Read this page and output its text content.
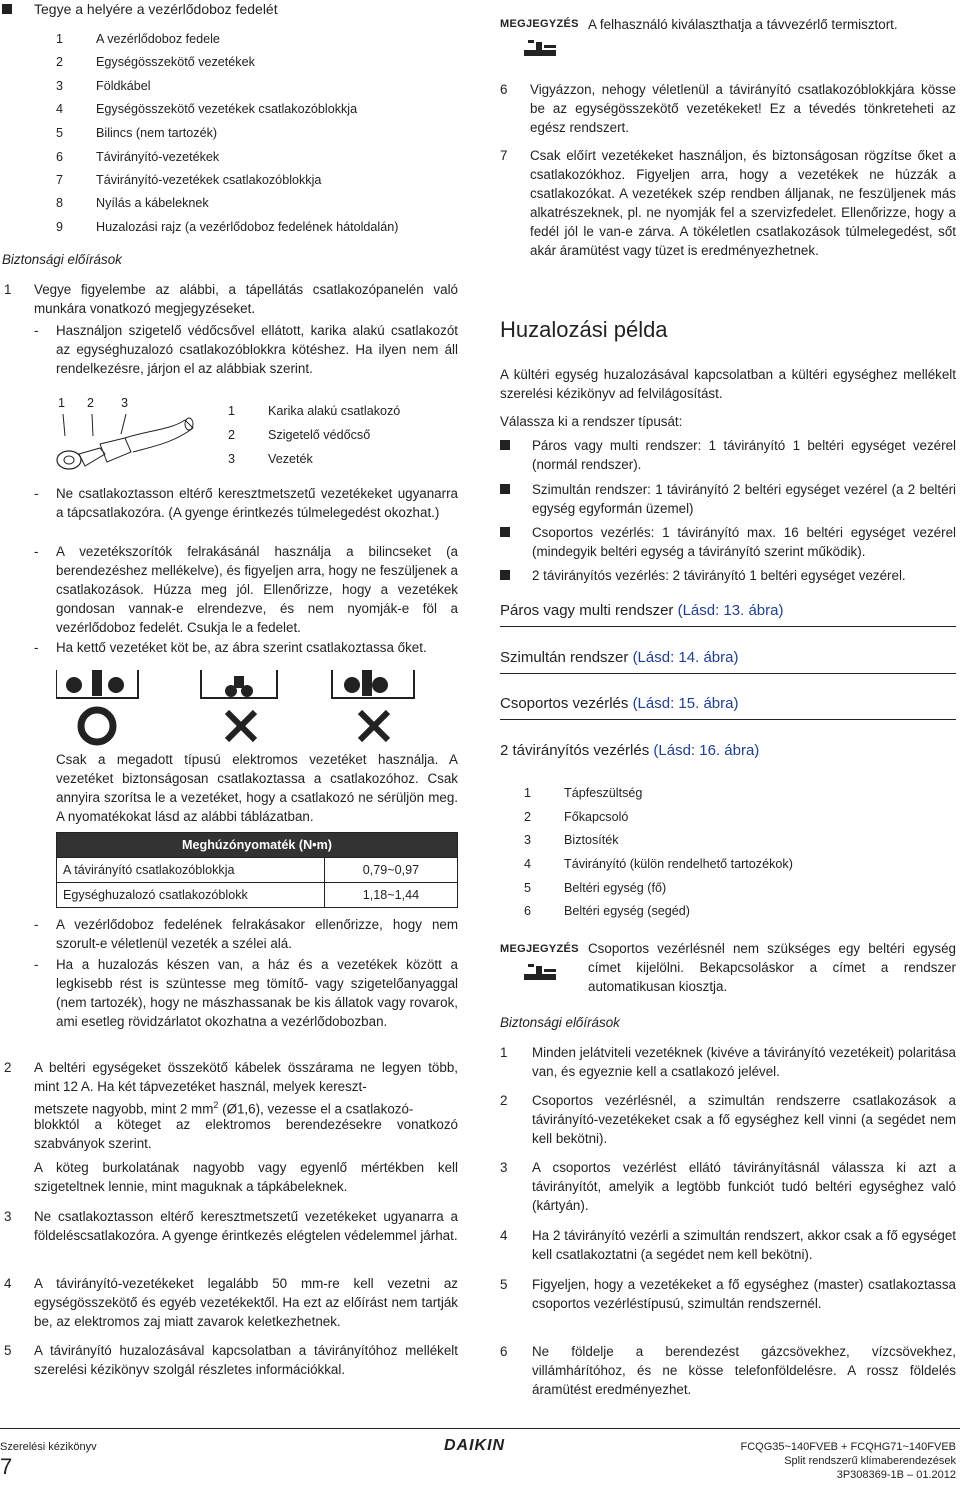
Tegye a helyére a vezérlődoboz fedelét
1	A vezérlődoboz fedele
2	Egységösszekötő vezetékek
3	Földkábel
4	Egységösszekötő vezetékek csatlakozóblokkja
5	Bilincs (nem tartozék)
6	Távirányító-vezetékek
7	Távirányító-vezetékek csatlakozóblokkja
8	Nyílás a kábeleknek
9	Huzalozási rajz (a vezérlődoboz fedelének hátoldalán)
Biztonsági előírások
1 Vegye figyelembe az alábbi, a tápellátás csatlakozópanelén való munkára vonatkozó megjegyzéseket.
- Használjon szigetelő védőcsővel ellátott, karika alakú csatlakozót az egységhuzalozó csatlakozóblokkra kötéshez. Ha ilyen nem áll rendelkezésre, járjon el az alábbiak szerint.
1 2 3
1	Karika alakú csatlakozó
2	Szigetelő védőcső
3	Vezeték
- Ne csatlakoztasson eltérő keresztmetszetű vezetékeket ugyanarra a tápcsatlakozóra. (A gyenge érintkezés túlmelegedést okozhat.)
- A vezetékszorítók felrakásánál használja a bilincseket (a berendezéshez mellékelve), és figyeljen arra, hogy ne feszüljenek a csatlakozások. Húzza meg jól. Ellenőrizze, hogy a vezetékek gondosan vannak-e elrendezve, és nem nyomják-e föl a vezérlődoboz fedelét. Csukja le a fedelet.
- Ha kettő vezetéket köt be, az ábra szerint csatlakoztassa őket.
Csak a megadott típusú elektromos vezetéket használja. A vezetéket biztonságosan csatlakoztassa a csatlakozóhoz. Csak annyira szorítsa le a vezetéket, hogy a csatlakozó ne sérüljön meg. A nyomatékokat lásd az alábbi táblázatban.
Meghúzónyomaték (N•m)	
A távirányító csatlakozóblokkja	0,79~0,97
Egységhuzalozó csatlakozóblokk	1,18~1,44
- A vezérlődoboz fedelének felrakásakor ellenőrizze, hogy nem szorult-e véletlenül vezeték a szélei alá.
- Ha a huzalozás készen van, a ház és a vezetékek között a legkisebb rést is szüntesse meg tömítő- vagy szigetelőanyaggal (nem tartozék), hogy ne mászhassanak be kis állatok vagy rovarok, ami esetleg rövidzárlatot okozhatna a vezérlődobozban.
2 A beltéri egységeket összekötő kábelek összárama ne legyen több, mint 12 A. Ha két tápvezetéket használ, melyek kereszt-
metszete nagyobb, mint 2 $mm^2$ (Ø1,6), vezesse el a csatlakozó-
blokktól a köteget az elektromos berendezésekre vonatkozó szabványok szerint.
A köteg burkolatának nagyobb vagy egyenlő mértékben kell szigeteltnek lennie, mint maguknak a tápkábeleknek.
3 Ne csatlakoztasson eltérő keresztmetszetű vezetékeket ugyanarra a földeléscsatlakozóra. A gyenge érintkezés elégtelen védelemmel járhat.
4 A távirányító-vezetékeket legalább 50 mm-re kell vezetni az egységösszekötő és egyéb vezetékektől. Ha ezt az előírást nem tartják be, az elektromos zaj miatt zavarok keletkezhetnek.
5 A távirányító huzalozásával kapcsolatban a távirányítóhoz mellékelt szerelési kézikönyv szolgál részletes információkkal.
MEGJEGYZÉS A felhasználó kiválaszthatja a távvezérlő termisztort.
6 Vigyázzon, nehogy véletlenül a távirányító csatlakozóblokkjára kösse be az egységösszekötő vezetékeket! Ez a tévedés tönkreteheti az egész rendszert.
7 Csak előírt vezetékeket használjon, és biztonságosan rögzítse őket a csatlakozókhoz. Figyeljen arra, hogy a vezetékek ne húzzák a csatlakozókat. A vezetékek szép rendben álljanak, ne feszüljenek más alkatrészeknek, pl. ne nyomják fel a szervizfedelet. Ellenőrizze, hogy a fedél jól le van-e zárva. A tökéletlen csatlakozások túlmelegedést, sőt akár áramütést vagy tüzet is eredményezhetnek.
Huzalozási példa
A kültéri egység huzalozásával kapcsolatban a kültéri egységhez mellékelt szerelési kézikönyv ad felvilágosítást.
Válassza ki a rendszer típusát:
Páros vagy multi rendszer: 1 távirányító 1 beltéri egységet vezérel (normál rendszer).
Szimultán rendszer: 1 távirányító 2 beltéri egységet vezérel (a 2 beltéri egység egyformán üzemel)
Csoportos vezérlés: 1 távirányító max. 16 beltéri egységet vezérel (mindegyik beltéri egység a távirányító szerint működik).
2 távirányítós vezérlés: 2 távirányító 1 beltéri egységet vezérel.
Páros vagy multi rendszer (Lásd: 13. ábra)
Szimultán rendszer (Lásd: 14. ábra)
Csoportos vezérlés (Lásd: 15. ábra)
2 távirányítós vezérlés (Lásd: 16. ábra)
1	Tápfeszültség
2	Főkapcsoló
3	Biztosíték
4	Távirányító (külön rendelhető tartozékok)
5	Beltéri egység (fő)
6	Beltéri egység (segéd)
MEGJEGYZÉS Csoportos vezérlésnél nem szükséges egy beltéri egység címet kijelölni. Bekapcsoláskor a címet a rendszer automatikusan kiosztja.
Biztonsági előírások
1 Minden jelátviteli vezetéknek (kivéve a távirányító vezetékeit) polaritása van, és egyeznie kell a csatlakozó jelével.
2 Csoportos vezérlésnél, a szimultán rendszerre csatlakozások a távirányító-vezetékeket csak a fő egységhez kell vinni (a segédet nem kell bekötni).
3 A csoportos vezérlést ellátó távirányításnál válassza ki azt a távirányítót, amelyik a legtöbb funkciót tudó beltéri egységhez való (kártyán).
4 Ha 2 távirányító vezérli a szimultán rendszert, akkor csak a fő egységet kell csatlakoztatni (a segédet nem kell bekötni).
5 Figyeljen, hogy a vezetékeket a fő egységhez (master) csatlakoztassa csoportos vezérléstípusú, szimultán rendszernél.
6 Ne földelje a berendezést gázcsövekhez, vízcsövekhez, villámhárítóhoz, és ne kösse telefonföldelésre. A rossz földelés áramütést eredményezhet.
Szerelési kézikönyv
7
DAIKIN	FCQG35~140FVEB + FCQHG71~140FVEB
Split rendszerű klímaberendezések
3P308369-1B – 01.2012
